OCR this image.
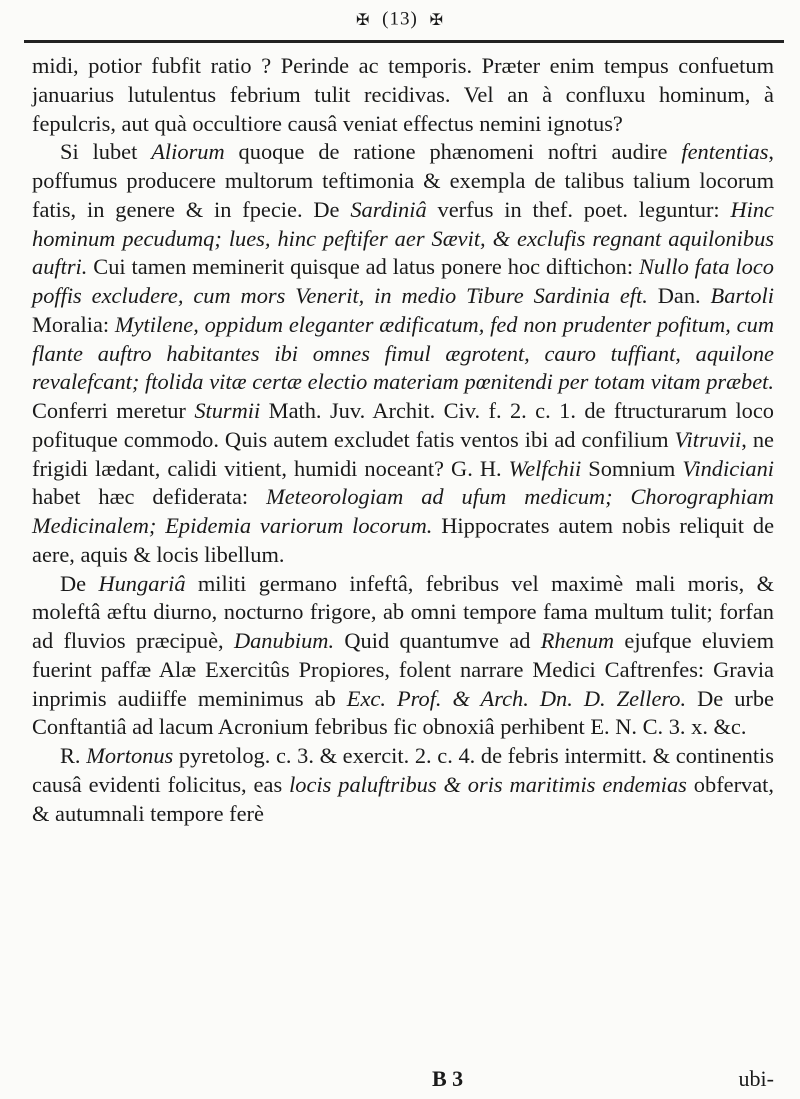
✠ (13) ✠

midi, potior fubfit ratio ? Perinde ac temporis. Præter enim tempus confuetum januarius lutulentus febrium tulit recidivas. Vel an à confluxu hominum, à fepulcris, aut quà occultiore causâ veniat effectus nemini ignotus?

Si lubet Aliorum quoque de ratione phænomeni noftri audire fententias, poffumus producere multorum teftimonia & exempla de talibus talium locorum fatis, in genere & in fpecie. De Sardiniâ verfus in thef. poet. leguntur: Hinc hominum pecudumq; lues, hinc peftifer aer Sævit, & exclufis regnant aquilonibus auftri. Cui tamen meminerit quisque ad latus ponere hoc diftichon: Nullo fata loco poffis excludere, cum mors Venerit, in medio Tibure Sardinia eft. Dan. Bartoli Moralia: Mytilene, oppidum eleganter ædificatum, fed non prudenter pofitum, cum flante auftro habitantes ibi omnes fimul ægrotent, cauro tuffiant, aquilone revalefcant; ftolida vitæ certæ electio materiam pœnitendi per totam vitam præbet. Conferri meretur Sturmii Math. Juv. Archit. Civ. f. 2. c. 1. de ftructurarum loco pofituque commodo. Quis autem excludet fatis ventos ibi ad confilium Vitruvii, ne frigidi lædant, calidi vitient, humidi noceant? G. H. Welfchii Somnium Vindiciani habet hæc defiderata: Meteorologiam ad ufum medicum; Chorographiam Medicinalem; Epidemia variorum locorum. Hippocrates autem nobis reliquit de aere, aquis & locis libellum.

De Hungariâ militi germano infeftâ, febribus vel maximè mali moris, & moleftâ æftu diurno, nocturno frigore, ab omni tempore fama multum tulit; forfan ad fluvios præcipuè, Danubium. Quid quantumve ad Rhenum ejufque eluviem fuerint paffæ Alæ Exercitûs Propiores, folent narrare Medici Caftrenfes: Gravia inprimis audiiffe meminimus ab Exc. Prof. & Arch. Dn. D. Zellero. De urbe Conftantiâ ad lacum Acronium febribus fic obnoxiâ perhibent E. N. C. 3. x. &c.

R. Mortonus pyretolog. c. 3. & exercit. 2. c. 4. de febris intermitt. & continentis causâ evidenti folicitus, eas locis paluftribus & oris maritimis endemias obfervat, & autumnali tempore ferè

B 3	ubi-
